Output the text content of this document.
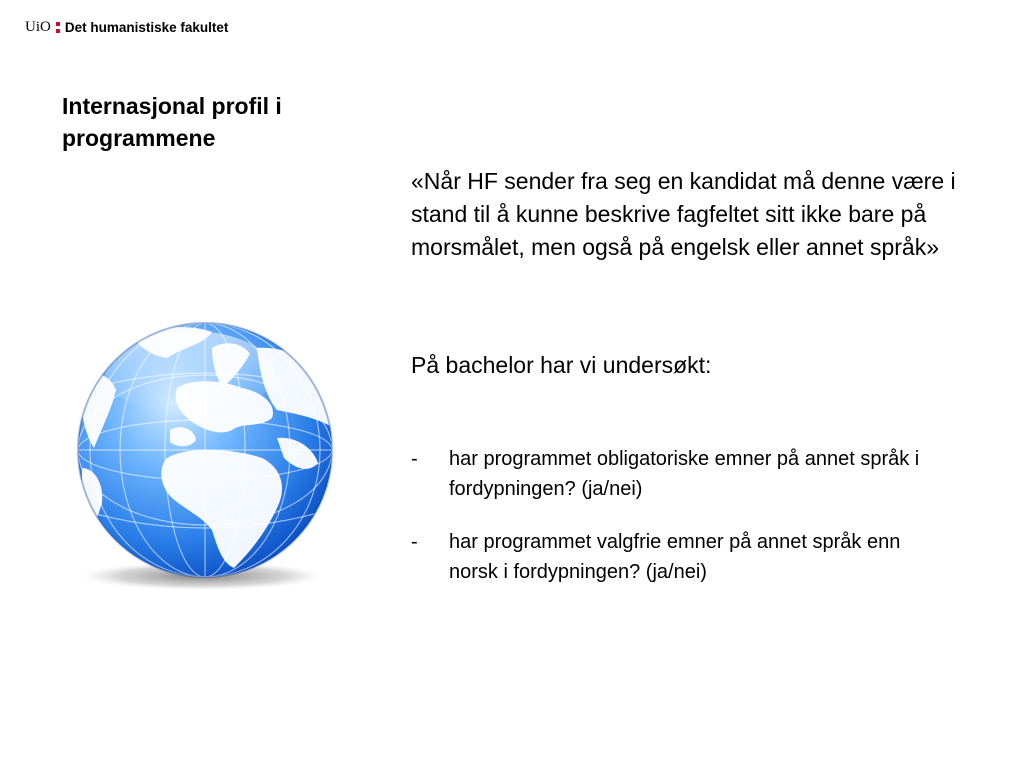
UiO Det humanistiske fakultet
Internasjonal profil i programmene

«Når HF sender fra seg en kandidat må denne være i stand til å kunne beskrive fagfeltet sitt ikke bare på morsmålet, men også på engelsk eller annet språk»

På bachelor har vi undersøkt:

- har programmet obligatoriske emner på annet språk i fordypningen? (ja/nei)
- har programmet valgfrie emner på annet språk enn norsk i fordypningen? (ja/nei)
